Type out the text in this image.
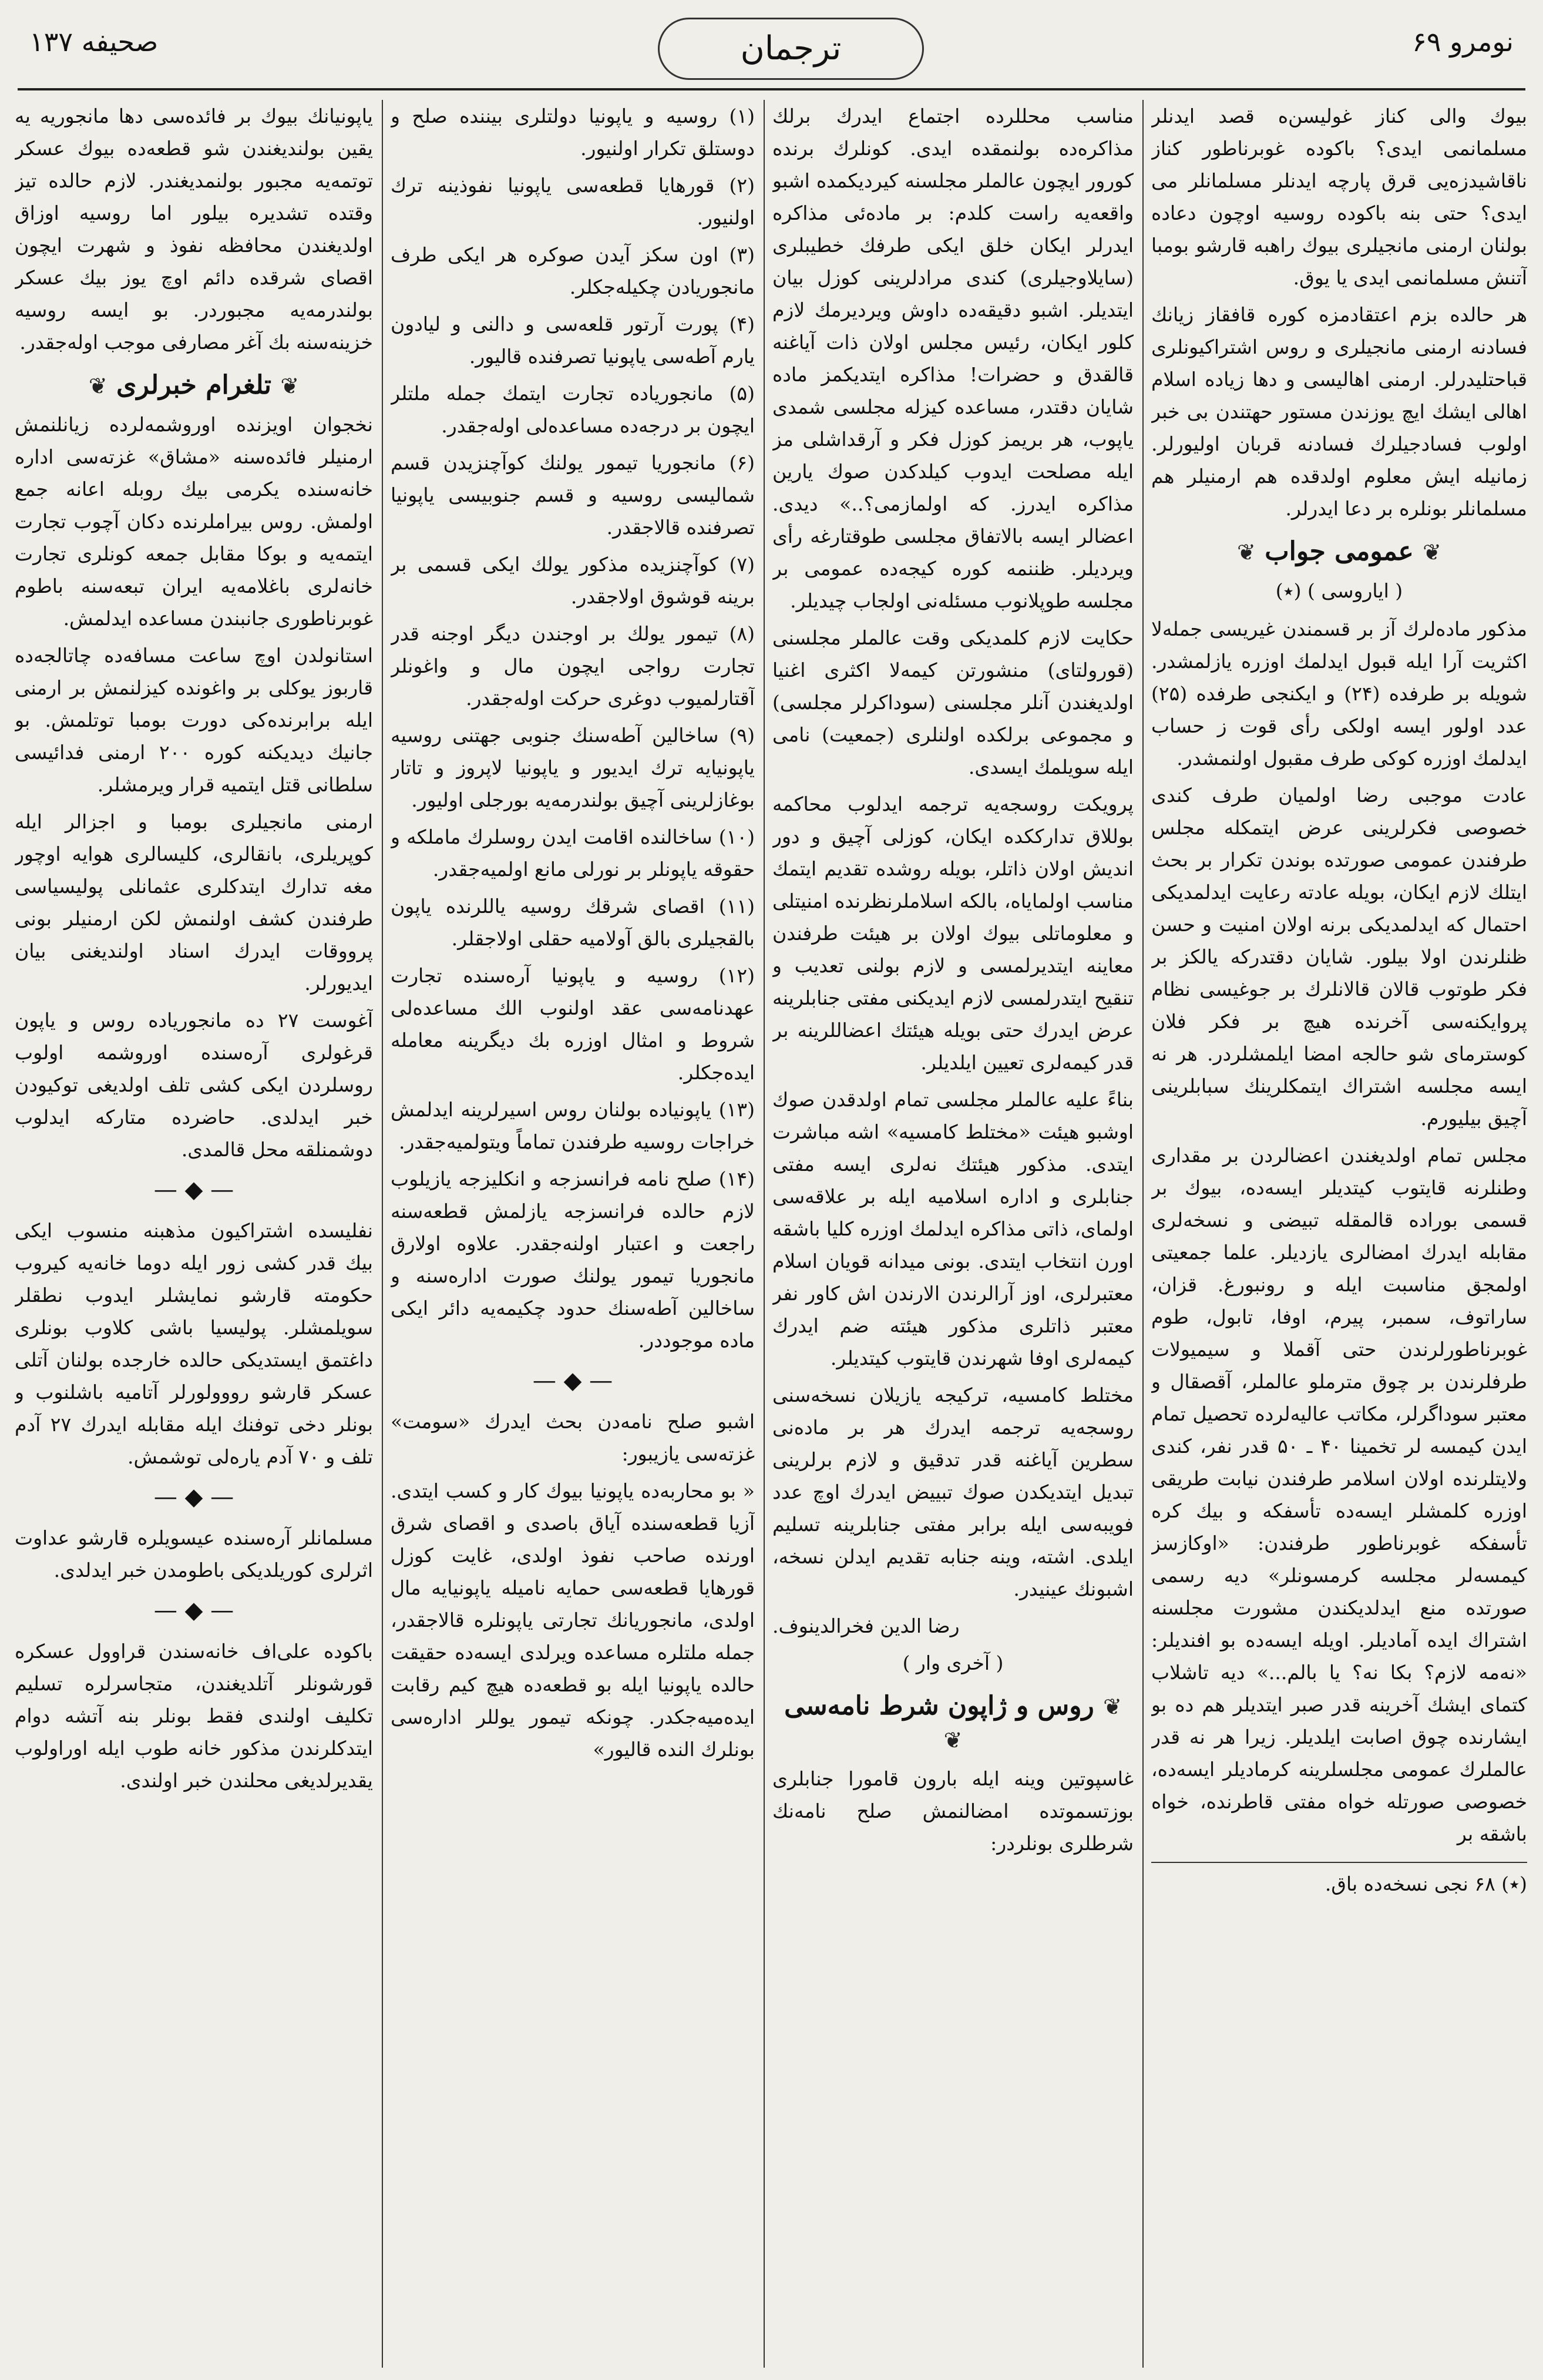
صحیفه ۱۳۷	ترجمان	نومرو ۶۹

بیوك والی كناز غولیسن‌ه قصد ایدنلر مسلمانمی ایدی؟ باكوده غوبرناطور كناز ناقاشیدزه‌یی قرق پارچه ایدنلر مسلمانلر می ایدی؟ حتی بنه باكوده روسیه اوچون دعاده بولنان ارمنی مانجیلری بیوك راهبه قارشو بومبا آتنش مسلمانمی ایدی یا یوق.

هر حالده بزم اعتقادمزه كوره قافقاز زیانك فسادنه ارمنی مانجیلری و روس اشتراكیونلری قباحتلیدرلر. ارمنی اهالیسی و دها زیاده اسلام اهالی ایشك ایچ یوزندن مستور حهتندن بی خبر اولوب فسادجیلرك فسادنه قربان اولیورلر. زمانیله ایش معلوم اولدقده هم ارمنیلر هم مسلمانلر بونلره بر دعا ایدرلر.

❦ عمومی جواب ❦
( ایاروسی ) (٭)

مذكور ماده‌لرك آز بر قسمندن غیریسی جمله‌لا اكثریت آرا ایله قبول ایدلمك اوزره یازلمشدر. شویله بر طرفده (۲۴) و ایكنجی طرفده (۲۵) عدد اولور ایسه اولكی رأی قوت ز حساب ایدلمك اوزره كوكی طرف مقبول اولنمشدر.

عادت موجبی رضا اولمیان طرف كندی خصوصی فكرلرینی عرض ایتمكله مجلس طرفندن عمومی صورتده بوندن تكرار بر بحث ایتلك لازم ایكان، بویله عادته رعایت ایدلمدیكی احتمال كه ایدلمدیكی برنه اولان امنیت و حسن ظنلرندن اولا بیلور. شایان دقتدركه یالكز بر فكر طوتوب قالان قالانلرك بر جوغیسی نظام پروایكنه‌سی آخرنده هیچ بر فكر فلان كوسترمای شو حالجه امضا ایلمشلردر. هر نه ایسه مجلسه اشتراك ایتمكلرینك سبابلرینی آچیق بیلیورم.

مجلس تمام اولدیغندن اعضالردن بر مقداری وطنلرنه قایتوب كیتدیلر ایسه‌ده، بیوك بر قسمی بوراده قالمقله تبیضی و نسخه‌لری مقابله ایدرك امضالری یازدیلر. علما جمعیتی اولمجق مناسبت ایله و رونبورغ. قزان، ساراتوف، سمبر، پیرم، اوفا، تابول، طوم غوبرناطورلرندن حتی آقملا و سیمیولات طرفلرندن بر چوق مترملو عالملر، آقصقال و معتبر سوداگرلر، مكاتب عالیه‌لرده تحصیل تمام ایدن كیمسه لر تخمینا ۴۰ ـ ۵۰ قدر نفر، كندی ولایتلرنده اولان اسلامر طرفندن نیابت طریقی اوزره كلمشلر ایسه‌ده تأسفكه و بیك كره تأسفكه غوبرناطور طرفندن: «اوكازسز كیمسه‌لر مجلسه كرمسونلر» دیه رسمی صورتده منع ایدلدیكندن مشورت مجلسنه اشتراك ایده آمادیلر. اویله ایسه‌ده بو افندیلر: «نه‌مه لازم؟ بكا نه؟ یا بالم...» دیه تاشلاب كتمای ایشك آخرینه قدر صبر ایتدیلر هم ده بو ایشارنده چوق اصابت ایلدیلر. زیرا هر نه قدر عالملرك عمومی مجلسلرینه كرمادیلر ایسه‌ده، خصوصی صورتله خواه مفتی قاطرنده، خواه باشقه بر

(٭) ۶۸ نجی نسخه‌ده باق.

مناسب محللرده اجتماع ایدرك برلك مذاكره‌ده بولنمقده ایدی. كونلرك برنده كورور ایچون عالملر مجلسنه كیردیكمده اشبو واقعه‌یه راست كلدم: بر ماده‌ئی مذاكره ایدرلر ایكان خلق ایكی طرفك خطیبلری (سایلاوجیلری) كندی مرادلرینی كوزل بیان ایتدیلر. اشبو دقیقه‌ده داوش ویردیرمك لازم كلور ایكان، رئیس مجلس اولان ذات آیاغنه قالقدق و حضرات! مذاكره ایتدیكمز ماده شایان دقتدر، مساعده كیزله مجلسی شمدی یاپوب، هر بریمز كوزل فكر و آرقداشلی مز ایله مصلحت ایدوب كیلدكدن صوك یارین مذاكره ایدرز. كه اولمازمی؟..» دیدی. اعضالر ایسه بالاتفاق مجلسی طوقتارغه رأی ویردیلر. ظننمه كوره كیجه‌ده عمومی بر مجلسه طوپلانوب مسئله‌نی اولجاب چیدیلر.

حكایت لازم كلمدیكی وقت عالملر مجلسنی (قورولتای) منشورتن كیمه‌لا اكثری اغنیا اولدیغندن آنلر مجلسنی (سوداكرلر مجلسی) و مجموعی برلكده اولنلری (جمعیت) نامی ایله سویلمك ایسدی.

پرویكت روسجه‌یه ترجمه ایدلوب محاكمه بوللاق تدارككده ایكان، كوزلی آچیق و دور اندیش اولان ذاتلر، بویله روشده تقدیم ایتمك مناسب اولمایاه، بالكه اسلاملرنظرنده امنیتلی و معلوماتلی بیوك اولان بر هیئت طرفندن معاینه ایتدیرلمسی و لازم بولنی تعدیب و تنقیح ایتدرلمسی لازم ایدیكنی مفتی جنابلرینه عرض ایدرك حتی بویله هیئتك اعضاللرینه بر قدر كیمه‌لری تعیین ایلدیلر.

بناءً علیه عالملر مجلسی تمام اولدقدن صوك اوشبو هیئت «مختلط كامسیه» اشه مباشرت ایتدی. مذكور هیئتك نه‌لری ایسه مفتی جنابلری و اداره اسلامیه ایله بر علاقه‌سی اولمای، ذاتی مذاكره ایدلمك اوزره كلیا باشقه اورن انتخاب ایتدی. بونی میدانه قویان اسلام معتبرلری، اوز آرالرندن الارندن اش كاور نفر معتبر ذاتلری مذكور هیئته ضم ایدرك كیمه‌لری اوفا شهرندن قایتوب كیتدیلر.

مختلط كامسیه، تركیجه یازیلان نسخه‌سنی روسجه‌یه ترجمه ایدرك هر بر ماده‌نی سطرین آیاغنه قدر تدقیق و لازم برلرینی تبدیل ایتدیكدن صوك تبییض ایدرك اوچ عدد فویبه‌سی ایله برابر مفتی جنابلرینه تسلیم ایلدی. اشته، وینه جنابه تقدیم ایدلن نسخه، اشبونك عینیدر.

رضا الدین فخرالدینوف.

( آخری وار )
❦ روس و ژاپون شرط نامه‌سی ❦

غاسپوتین وینه ایله بارون قامورا جنابلری بوزتسموتده امضالنمش صلح نامه‌نك شرطلری بونلردر:

(۱) روسیه و یاپونیا دولتلری بیننده صلح و دوستلق تكرار اولنیور.

(۲) قورهایا قطعه‌سی یاپونیا نفوذینه ترك اولنیور.

(۳) اون سكز آیدن صوكره هر ایكی طرف مانجوریادن چكیله‌جكلر.

(۴) پورت آرتور قلعه‌سی و دالنی و لیادون یارم آطه‌سی یاپونیا تصرفنده قالیور.

(۵) مانجوریاده تجارت ایتمك جمله ملتلر ایچون بر درجه‌ده مساعده‌لی اوله‌جقدر.

(۶) مانجوریا تیمور یولنك كوآچنزیدن قسم شمالیسی روسیه و قسم جنوبیسی یاپونیا تصرفنده قالاجقدر.

(۷) كوآچنزیده مذكور یولك ایكی قسمی بر برینه قوشوق اولاجقدر.

(۸) تیمور یولك بر اوجندن دیگر اوجنه قدر تجارت رواجی ایچون مال و واغونلر آقتارلمیوب دوغری حركت اوله‌جقدر.

(۹) ساخالین آطه‌سنك جنوبی جهتنی روسیه یاپونیایه ترك ایدیور و یاپونیا لاپروز و تاتار بوغازلرینی آچیق بولندرمه‌یه بورجلی اولیور.

(۱۰) ساخالنده اقامت ایدن روسلرك ماملكه و حقوقه یاپونلر بر نورلی مانع اولمیه‌جقدر.

(۱۱) اقصای شرقك روسیه یاللرنده یاپون بالقجیلری بالق آولامیه حقلی اولاجقلر.

(۱۲) روسیه و یاپونیا آره‌سنده تجارت عهدنامه‌سی عقد اولنوب الك مساعده‌لی شروط و امثال اوزره بك دیگرینه معامله ایده‌جكلر.

(۱۳) یاپونیاده بولنان روس اسیرلرینه ایدلمش خراجات روسیه طرفندن تماماً ویتولمیه‌جقدر.

(۱۴) صلح نامه فرانسزجه و انكلیزجه یازیلوب لازم حالده فرانسزجه یازلمش قطعه‌سنه راجعت و اعتبار اولنه‌جقدر. علاوه اولارق مانجوریا تیمور یولنك صورت اداره‌سنه و ساخالین آطه‌سنك حدود چكیمه‌یه دائر ایكی ماده موجوددر.

— ◆ —

اشبو صلح نامه‌دن بحث ایدرك «سومت» غزته‌سی یازیبور:

« بو محاربه‌ده یاپونیا بیوك كار و كسب ایتدی. آزیا قطعه‌سنده آیاق باصدی و اقصای شرق اورنده صاحب نفوذ اولدی، غایت كوزل قورهایا قطعه‌سی حمایه نامیله یاپونیایه مال اولدی، مانجوریانك تجارتی یاپونلره قالاجقدر، جمله ملتلره مساعده ویرلدی ایسه‌ده حقیقت حالده یاپونیا ایله بو قطعه‌ده هیچ كیم رقابت ایده‌میه‌جكدر. چونكه تیمور یوللر اداره‌سی بونلرك النده قالیور»

یاپونیانك بیوك بر فائده‌سی دها مانجوریه یه یقین بولندیغندن شو قطعه‌ده بیوك عسكر توتمه‌یه مجبور بولنمدیغندر. لازم حالده تیز وقتده تشدیره بیلور اما روسیه اوزاق اولدیغندن محافظه نفوذ و شهرت ایچون اقصای شرقده دائم اوچ یوز بیك عسكر بولندرمه‌یه مجبوردر. بو ایسه روسیه خزینه‌سنه بك آغر مصارفی موجب اوله‌جقدر.

❦ تلغرام خبرلری ❦

نخجوان اویزنده اوروشمه‌لرده زیانلنمش ارمنیلر فائده‌سنه «مشاق» غزته‌سی اداره خانه‌سنده یكرمی بیك روبله اعانه جمع اولمش. روس بیراملرنده دكان آچوب تجارت ایتمه‌یه و بوكا مقابل جمعه كونلری تجارت خانه‌لری باغلامه‌یه ایران تبعه‌سنه باطوم غوبرناطوری جانبندن مساعده ایدلمش.

استانولدن اوچ ساعت مسافه‌ده چاتالجه‌ده قاربوز یوكلی بر واغونده كیزلنمش بر ارمنی ایله برابرنده‌كی دورت بومبا توتلمش. بو جانیك دیدیكنه كوره ۲۰۰ ارمنی فدائیسی سلطانی قتل ایتمیه قرار ویرمشلر.

ارمنی مانجیلری بومبا و اجزالر ایله كوپریلری، بانقالری، كلیسالری هوایه اوچور مغه تدارك ایتدكلری عثمانلی پولیسیاسی طرفندن كشف اولنمش لكن ارمنیلر بونی پرووقات ایدرك اسناد اولندیغنی بیان ایدیورلر.

آغوست ۲۷ ده مانجوریاده روس و یاپون قرغولری آره‌سنده اوروشمه اولوب روسلردن ایكی كشی تلف اولدیغی توكیودن خبر ایدلدی. حاضرده متاركه ایدلوب دوشمنلقه محل قالمدی.

— ◆ —

نفلیسده اشتراكیون مذهبنه منسوب ایكی بیك قدر كشی زور ایله دوما خانه‌یه كیروب حكومته قارشو نمایشلر ایدوب نطقلر سویلمشلر. پولیسیا باشی كلاوب بونلری داغتمق ایستدیكی حالده خارجده بولنان آتلی عسكر قارشو رووولورلر آتامیه باشلنوب و بونلر دخی توفنك ایله مقابله ایدرك ۲۷ آدم تلف و ۷۰ آدم یاره‌لی توشمش.

— ◆ —

مسلمانلر آره‌سنده عیسویلره قارشو عداوت اثرلری كوریلدیكی باطومدن خبر ایدلدی.

— ◆ —

باكوده علی‌اف خانه‌سندن قراوول عسكره قورشونلر آتلدیغندن، متجاسرلره تسلیم تكلیف اولندی فقط بونلر بنه آتشه دوام ایتدكلرندن مذكور خانه طوب ایله اوراولوب یقدیرلدیغی محلندن خبر اولندی.
